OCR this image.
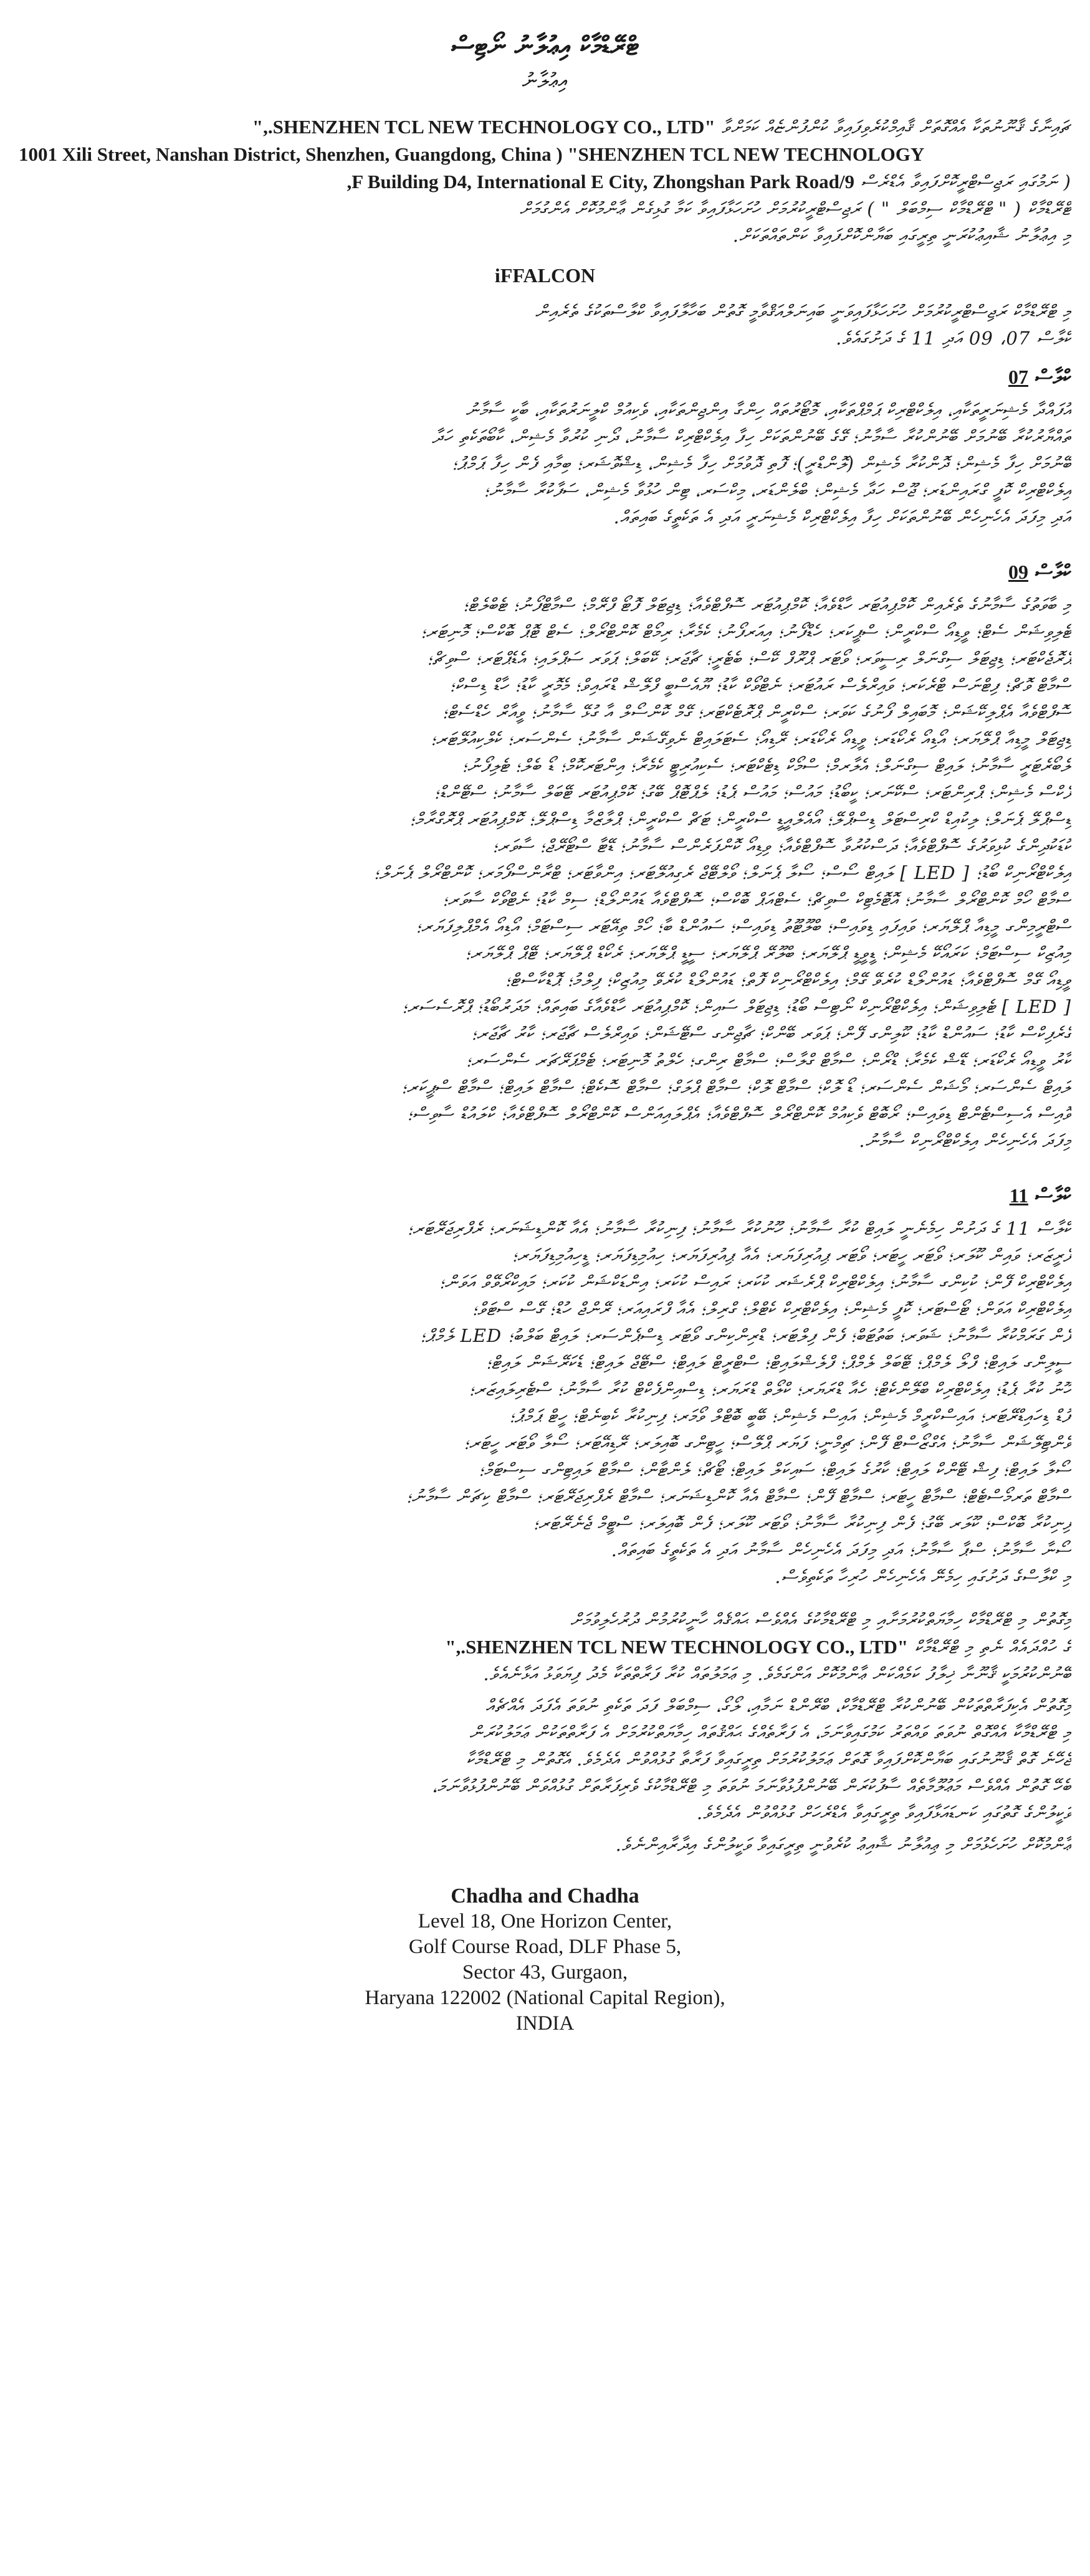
ޓްރޭޑްމާކް އިޢުލާނު ނޯޓިސް
އިޢުލާނު
ޗައިނާގެ ޤާނޫނުތަކާ އެއްގޮތަށް ޤާއިމްކުރެވިފައިވާ ކުންފުންޏެއް ކަމަށްވާ "SHENZHEN TCL NEW TECHNOLOGY CO., LTD.,"
1001 Xili Street, Nanshan District, Shenzhen, Guangdong, China ) "SHENZHEN TCL NEW TECHNOLOGY
( ނަމުގައި ރަޖިސްޓްރީކޮށްފައިވާ އެޑްރެސް 9/F Building D4, International E City, Zhongshan Park Road,
ޓްރޭޑްމާކް ( " ޓްރޭޑްމާކް ސިމްބަލް " ) ރަޖިސްޓްރީކުރުމަށް ހުށަހަޅާފައިވާ ކަމާ ގުޅިގެން ޢާންމުކޮށް އެންގުމަށް
މި އިޢުލާނު ޝާއިޢުކުރަނީ ތިރީގައި ބަޔާންކޮށްފައިވާ ކަންތައްތަކަށް.
iFFALCON
މި ޓްރޭޑްމާކް ރަޖިސްޓްރީކުރުމަށް ހުށަހަޅާފައިވަނީ ބައިނަލްއަޤްވާމީ ގޮތުން ބަހާލާފައިވާ ކްލާސްތަކުގެ ތެރެއިން
ކްލާސް 07، 09 އަދި 11 ގެ ދަށުގައެވެ.
ކްލާސް 07
އުފައްދާ މެޝިނަރީތަކާއި، އިލެކްޓްރިކް ޕަމްޕްތަކާއި، މޮޓޯރުތައް ހިންގާ އިންޖިންތަކާއި، ވެކިއުމް ކްލީނަރުތަކާއި، ބާކީ ސާމާނު
ތައްޔާރުކުރާ ބޭނުމަށް ބޭނުންކުރާ ސާމާނު؛ ގޭގެ ބޭނުންތަކަށް ހިފާ އިލެކްޓްރިކް ސާމާނު، ދޯނި ކުރުވާ މެޝިން، ކާބޯތަކެތި ހަދާ
ބޭނުމަށް ހިފާ މެޝިން؛ ދޮންކުރާ މެޝިން (ލޮންޑްރީ)؛ ފޮތި ދޮވުމަށް ހިފާ މެޝިން، ޑިޝްވޮޝަރ؛ ބިމާއި ފެން ހިފާ ޕަމްޕު؛
އިލެކްޓްރިކް ކޮފީ ގްރައިންޑަރ؛ ޖޫސް ހަދާ މެޝިން؛ ބްލެންޑަރ، މިކްސަރ، ޓިން ހުޅުވާ މެޝިން، ސަފާކުރާ ސާމާނު؛
އަދި މިފަދަ އެހެނިހެން ބޭނުންތަކަށް ހިފާ އިލެކްޓްރިކް މެޝިނަރީ އަދި އެ ތަކެތީގެ ބައިތައް.
ކްލާސް 09
މި ބާވަތުގެ ސާމާނުގެ ތެރެއިން ކޮމްޕިއުޓަރ ހާޑްވެއާ؛ ކޮމްޕިއުޓަރ ސޮފްޓްވެއާ؛ ޑިޖިޓަލް ފޮޓޯ ފްރޭމް؛ ސްމާޓްފޯނު؛ ޓެބްލެޓް؛
ޓެލިވިޝަން ސެޓް؛ ވީޑިއޯ ސްކްރީން؛ ސްޕީކަރ؛ ހެޑްފޯނު؛ އިއަރފޯނު؛ ކެމެރާ؛ ރިމޯޓް ކޮންޓްރޯލް؛ ސެޓް ޓޮޕް ބޮކްސް؛ މޮނިޓަރ؛
ޕްރޮޖެކްޓަރ؛ ޑިޖިޓަލް ސިގްނަލް ރިސީވަރ؛ ވޯޓަރ ޕްރޫފް ކޭސް؛ ބެޓެރީ؛ ޗާޖަރ؛ ކޭބަލް؛ ޕަވަރ ސަޕްލައި؛ އެޑެޕްޓަރ؛ ސްވިޗް؛
ސްމާޓް ވޮޗް؛ ފިޓްނަސް ޓްރެކަރ؛ ވައިރްލެސް ރައުޓަރ؛ ނެޓްވޯކް ކާޑު؛ ޔޫއެސްބީ ފްލޭޝް ޑްރައިވް؛ މެމޮރީ ކާޑު؛ ހާޑް ޑިސްކް؛
ސޮފްޓްވެއާ އެޕްލިކޭޝަން؛ މޮބައިލް ފޯނުގެ ކަވަރ؛ ސްކްރީން ޕްރޮޓެކްޓަރ؛ ގޭމް ކޮންސޯލް އާ ގުޅޭ ސާމާނު؛ ވީއާރް ހެޑްސެޓް؛
ޑިޖިޓަލް މީޑިއާ ޕްލޭޔަރ؛ އޯޑިއޯ ރެކޯޑަރ؛ ވީޑިއޯ ރެކޯޑަރ؛ ރޭޑިއޯ؛ ސެޓަލައިޓް ނެވިގޭޝަން ސާމާނު؛ ސެންސަރ؛ ކެލްކިއުލޭޓަރ؛
ލެބޯރެޓަރީ ސާމާނު؛ ލައިޓް ސިގްނަލް؛ އެލާރމް؛ ސްމޯކް ޑިޓެކްޓަރ؛ ސެކިއުރިޓީ ކެމެރާ؛ އިންޓަރކޮމް؛ ޑޯ ބެލް؛ ޓެލިފޯނު؛
ފެކްސް މެޝިން؛ ޕްރިންޓަރ؛ ސްކޭނަރ؛ ކީބޯޑު؛ މައުސް؛ މައުސް ޕެޑު؛ ލެޕްޓޮޕް ބޭގު؛ ކޮމްޕިއުޓަރ ޓޭބަލް ސާމާނު؛ ސްޓޭންޑް؛
ޑިސްޕްލޭ ޕެނަލް؛ ލިކުއިޑް ކްރިސްޓަލް ޑިސްޕްލޭ؛ އޯއެލްއީޑީ ސްކްރީން؛ ޓަޗް ސްކްރީން؛ ޕްލާޒްމާ ޑިސްޕްލޭ؛ ކޮމްޕިއުޓަރ ޕްރޮގްރާމް؛
ކުޑަކުދިންގެ ކުޅިވަރުގެ ސޮފްޓްވެއާ؛ ދަސްކުރުވާ ސޮފްޓްވެއާ؛ ވިޑިއޯ ކޮންފަރެންސް ސާމާނު؛ ޑޭޓާ ސްޓޯރޭޖް؛ ސާވަރ؛
އިލެކްޓްރޯނިކް ބޯޑު؛ [ LED ] ލައިޓް ސޯސް؛ ސޯލާ ޕެނަލް؛ ވޯލްޓޭޖް ރެގިއުލޭޓަރ؛ އިންވާޓަރ؛ ޓްރާންސްފޯމަރ؛ ކޮންޓްރޯލް ޕެނަލް؛
ސްމާޓް ހޯމް ކޮންޓްރޯލް ސާމާނު؛ އޮޓޮމެޓިކް ސްވިޗް؛ ސެޓްއަޕް ބޮކްސް؛ ސޮފްޓްވެއާ ޑައުންލޯޑް؛ ސިމް ކާޑު؛ ނެޓްވޯކް ސާވަރ؛
ސްޓްރީމިންގ މީޑިއާ ޕްލޭޔަރ؛ ވައިފައި ޑިވައިސް؛ ބްލޫޓޫތު ޑިވައިސް؛ ސައުންޑް ބާ؛ ހޯމް ތިއޭޓަރ ސިސްޓަމް؛ އޯޑިއޯ އެމްޕްލިފަޔަރ؛
މިއުޒިކް ސިސްޓަމް؛ ކަރައޯކޭ މެޝިން؛ ޑީވީޑީ ޕްލޭޔަރ؛ ބްލޫރޭ ޕްލޭޔަރ؛ ސީޑީ ޕްލޭޔަރ؛ ރެކޯޑް ޕްލޭޔަރ؛ ޓޭޕް ޕްލޭޔަރ؛
ވީޑިއޯ ގޭމް ސޮފްޓްވެއާ؛ ޑައުންލޯޑް ކުރެވޭ ގޭމް؛ އިލެކްޓްރޯނިކް ފޮތް؛ ޑައުންލޯޑް ކުރެވޭ މިއުޒިކް؛ ފިލްމު؛ ޕޮޑްކާސްޓް؛
[ LED ] ޓެލިވިޝަން؛ އިލެކްޓްރޯނިކް ނޯޓިސް ބޯޑު؛ ޑިޖިޓަލް ސައިން؛ ކޮމްޕިއުޓަރ ހާޑްވެއާގެ ބައިތައް؛ މަދަރުބޯޑު؛ ޕްރޮސެސަރ؛
ގްރެފިކްސް ކާޑު؛ ސައުންޑް ކާޑު؛ ކޫލިންގ ފޭން؛ ޕަވަރ ބޭންކް؛ ޗާޖިންގ ސްޓޭޝަން؛ ވައިރްލެސް ޗާޖަރ؛ ކާރު ޗާޖަރ؛
ކާރު ވީޑިއޯ ރެކޯޑަރ؛ ޑޭޝް ކެމެރާ؛ ޑްރޯން؛ ސްމާޓް ގްލާސް؛ ސްމާޓް ރިންގ؛ ހެލްތު މޮނިޓަރ؛ ޓެމްޕަރޭޗަރ ސެންސަރ؛
ލައިޓް ސެންސަރ؛ މޯޝަން ސެންސަރ؛ ޑޯ ލޮކް؛ ސްމާޓް ލޮކް؛ ސްމާޓް ޕްލަގް؛ ސްމާޓް ސޮކެޓް؛ ސްމާޓް ލައިޓް؛ ސްމާޓް ސްޕީކަރ؛
ވޮއިސް އެސިސްޓެންޓް ޑިވައިސް؛ ރޯބޮޓް ވެކިއުމް ކޮންޓްރޯލް ސޮފްޓްވެއާ؛ އެޕްލައިއަންސް ކޮންޓްރޯލް ސޮފްޓްވެއާ؛ ކްލައުޑް ސާވިސް؛
މިފަދަ އެހެނިހެން އިލެކްޓްރޯނިކް ސާމާނު.
ކްލާސް 11
ކްލާސް 11 ގެ ދަށުން ހިމެނެނީ ލައިޓް ކުރާ ސާމާނު؛ ހޫނުކުރާ ސާމާނު؛ ފިނިކުރާ ސާމާނު؛ އެއާ ކޮންޑިޝަނަރ؛ ރެފްރިޖަރޭޓަރ؛
ފްރީޒަރ؛ ވައިން ކޫލަރ؛ ވޯޓަރ ހީޓަރ؛ ވޯޓަރ ޕިއުރިފަޔަރ؛ އެއާ ޕިއުރިފަޔަރ؛ ހިއުމިޑިފަޔަރ؛ ޑީހިއުމިޑިފަޔަރ؛
އިލެކްޓްރިކް ފޭން؛ ކުކިންގ ސާމާނު؛ އިލެކްޓްރިކް ޕްރެޝަރ ކުކަރ؛ ރައިސް ކުކަރ؛ އިންޑަކްޝަން ކުކަރ؛ މައިކްރޯވޭވް އަވަން؛
އިލެކްޓްރިކް އަވަން؛ ޓޯސްޓަރ؛ ކޮފީ މެޝިން؛ އިލެކްޓްރިކް ކެޓްލް؛ ގްރިލް؛ އެއާ ފްރައިއަރ؛ ރޭންޖް ހުޑް؛ ގޭސް ސްޓަވް؛
ފެން ގަރަމްކުރާ ސާމާނު؛ ޝަވަރ؛ ބަތުޓަބް؛ ފެން ފިލްޓަރ؛ ޑްރިންކިންގ ވޯޓަރ ޑިސްޕެންސަރ؛ ލައިޓް ބަލްބު؛ LED ލެމްޕް؛
ސީލިންގ ލައިޓް؛ ފްލޯ ލެމްޕް؛ ޓޭބަލް ލެމްޕް؛ ފްލެޝްލައިޓް؛ ސްޓްރީޓް ލައިޓް؛ ސްޓޭޖް ލައިޓް؛ ޑެކަރޭޝަން ލައިޓް؛
ހޫނު ކުރާ ޕެޑު؛ އިލެކްޓްރިކް ބްލޭންކެޓް؛ ހެއާ ޑްރަޔަރ؛ ކްލޯތް ޑްރަޔަރ؛ ޑިސްއިންފެކްޓް ކުރާ ސާމާނު؛ ސްޓެރިލައިޒަރ؛
ފުޑް ޑިހައިޑްރޭޓަރ؛ އައިސްކްރީމް މެޝިން؛ އައިސް މެޝިން؛ ބޭބީ ބޮޓްލް ވޯމަރ؛ ފިނިކުރާ ކެބިނެޓް؛ ހީޓް ޕަމްޕު؛
ވެންޓިލޭޝަން ސާމާނު؛ އެގްޒޯސްޓް ފޭން؛ ޗިމްނީ؛ ފަޔަރ ޕްލޭސް؛ ހީޓިންގ ބޮއިލަރ؛ ރޭޑިއޭޓަރ؛ ސޯލާ ވޯޓަރ ހީޓަރ؛
ސޯލާ ލައިޓް؛ ފިޝް ޓޭންކް ލައިޓް؛ ކާރުގެ ލައިޓް؛ ސައިކަލް ލައިޓް؛ ޓޯޗް؛ ލެންޓާން؛ ސްމާޓް ލައިޓިންގ ސިސްޓަމް؛
ސްމާޓް ތަރމޯސްޓެޓް؛ ސްމާޓް ހީޓަރ؛ ސްމާޓް ފޭން؛ ސްމާޓް އެއާ ކޮންޑިޝަނަރ؛ ސްމާޓް ރެފްރިޖަރޭޓަރ؛ ސްމާޓް ކިޗަން ސާމާނު؛
ފިނިކުރާ ބޮކްސް؛ ކޫލަރ ބޭގު؛ ފެން ފިނިކުރާ ސާމާނު؛ ވޯޓަރ ކޫލަރ؛ ފެން ބޮއިލަރ؛ ސްޓީމް ޖެނެރޭޓަރ؛
ސޯނާ ސާމާނު؛ ސްޕާ ސާމާނު؛ އަދި މިފަދަ އެހެނިހެން ސާމާނު އަދި އެ ތަކެތީގެ ބައިތައް.
މި ކްލާސްގެ ދަށުގައި ހިމެނޭ އެހެނިހެން ހުރިހާ ތަކެތިވެސް.
މިގޮތުން މި ޓްރޭޑްމާކް ހިމާޔަތްކުރުމަށާއި މި ޓްރޭޑްމާކުގެ އެއްވެސް ޙައްޤެއް ހާނީކުރުމުން ދުރުހެލިވުމަށް
ގެ ހުއްދައެއް ނެތި މި ޓްރޭޑްމާކް "SHENZHEN TCL NEW TECHNOLOGY CO., LTD.,"
ބޭނުންކުރުމަކީ ޤާނޫނާ ޚިލާފު ކަމެއްކަން ޢާންމުކޮށް އަންގަމެވެ. މި ޢަމަލުތައް ކުރާ ފަރާތްތަކާ މެދު ފިޔަވަޅު އަޅާނެއެވެ.
މިގޮތުން އެކިފަރާތްތަކުން ބޭނުންކުރާ ޓްރޭޑްމާކް، ބްރޭންޑް ނަމާއި، ލޯގޯ، ސިމްބަލް ފަދަ ތަކެތި ނުވަތަ އެފަދަ އެއްޗެއް
މި ޓްރޭޑްމާކާ އެއްގޮތް ނުވަތަ ވައްތަރު ކަމުގައިވާނަމަ، އެ ފަރާތެއްގެ ޙައްޤުތައް ހިމާޔަތްކުރުމަށް އެ ފަރާތްތަކުން ޢަމަލުކުރަން
ޖެހޭނެ ގޮތް ޤާނޫނުގައި ބަޔާންކޮށްފައިވާ ގޮތަށް ޢަމަލުކުރުމަށް ތިރީގައިވާ ފަރާތާ ގުޅުއްވުން އެދެމެވެ. އެގޮތުން މި ޓްރޭޑްމާކާ
ބެހޭ ގޮތުން އެއްވެސް މަޢުލޫމާތެއް ސާފުކުރަން ބޭނުންފުޅުވާނަމަ ނުވަތަ މި ޓްރޭޑްމާކުގެ ވެރިފަރާތަށް ގުޅުއްވަން ބޭނުންފުޅުވާނަމަ،
ވަކީލުންގެ ގޮތުގައި ކަނޑައަޅާފައިވާ ތިރީގައިވާ އެޑްރެހަށް ގުޅުއްވުން އެދެމެވެ.
ޢާންމުކޮށް ހުށަހެޅުމަށް މި ޢިއުލާނު ޝާއިޢު ކުރެވުނީ ތިރީގައިވާ ވަކީލުންގެ އިދާރާއިންނެވެ.
Chadha and Chadha
Level 18, One Horizon Center,
Golf Course Road, DLF Phase 5,
Sector 43, Gurgaon,
Haryana 122002 (National Capital Region),
INDIA
